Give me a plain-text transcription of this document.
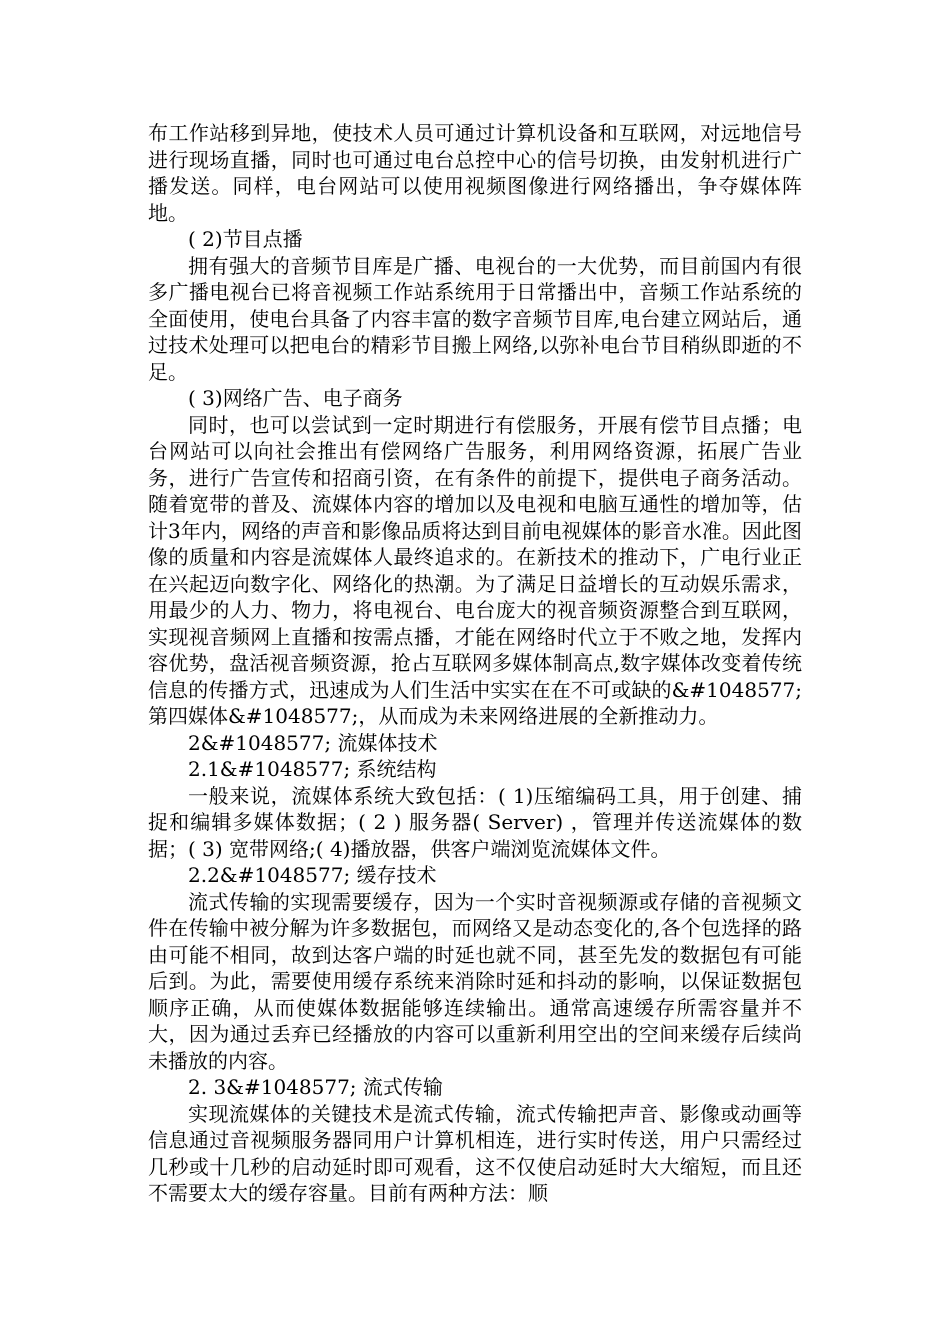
布工作站移到异地，使技术人员可通过计算机设备和互联网，对远地信号进行现场直播，同时也可通过电台总控中心的信号切换，由发射机进行广播发送。同样，电台网站可以使用视频图像进行网络播出，争夺媒体阵地。

( 2)节目点播

拥有强大的音频节目库是广播、电视台的一大优势，而目前国内有很多广播电视台已将音视频工作站系统用于日常播出中，音频工作站系统的全面使用，使电台具备了内容丰富的数字音频节目库,电台建立网站后，通过技术处理可以把电台的精彩节目搬上网络,以弥补电台节目稍纵即逝的不足。

( 3)网络广告、电子商务

同时，也可以尝试到一定时期进行有偿服务，开展有偿节目点播；电台网站可以向社会推出有偿网络广告服务，利用网络资源，拓展广告业务，进行广告宣传和招商引资，在有条件的前提下，提供电子商务活动。随着宽带的普及、流媒体内容的增加以及电视和电脑互通性的增加等，估计3年内，网络的声音和影像品质将达到目前电视媒体的影音水准。因此图像的质量和内容是流媒体人最终追求的。在新技术的推动下，广电行业正在兴起迈向数字化、网络化的热潮。为了满足日益增长的互动娱乐需求，用最少的人力、物力，将电视台、电台庞大的视音频资源整合到互联网，实现视音频网上直播和按需点播，才能在网络时代立于不败之地，发挥内容优势，盘活视音频资源，抢占互联网多媒体制高点,数字媒体改变着传统信息的传播方式，迅速成为人们生活中实实在在不可或缺的&#1048577;第四媒体&#1048577;，从而成为未来网络进展的全新推动力。

2&#1048577; 流媒体技术

2.1&#1048577; 系统结构

一般来说，流媒体系统大致包括：( 1)压缩编码工具，用于创建、捕捉和编辑多媒体数据；( 2 ) 服务器( Server) ，管理并传送流媒体的数据；( 3) 宽带网络;( 4)播放器，供客户端浏览流媒体文件。

2.2&#1048577; 缓存技术

流式传输的实现需要缓存，因为一个实时音视频源或存储的音视频文件在传输中被分解为许多数据包，而网络又是动态变化的,各个包选择的路由可能不相同，故到达客户端的时延也就不同，甚至先发的数据包有可能后到。为此，需要使用缓存系统来消除时延和抖动的影响，以保证数据包顺序正确，从而使媒体数据能够连续输出。通常高速缓存所需容量并不大，因为通过丢弃已经播放的内容可以重新利用空出的空间来缓存后续尚未播放的内容。

2. 3&#1048577; 流式传输

实现流媒体的关键技术是流式传输，流式传输把声音、影像或动画等信息通过音视频服务器同用户计算机相连，进行实时传送，用户只需经过几秒或十几秒的启动延时即可观看，这不仅使启动延时大大缩短，而且还不需要太大的缓存容量。目前有两种方法：顺
